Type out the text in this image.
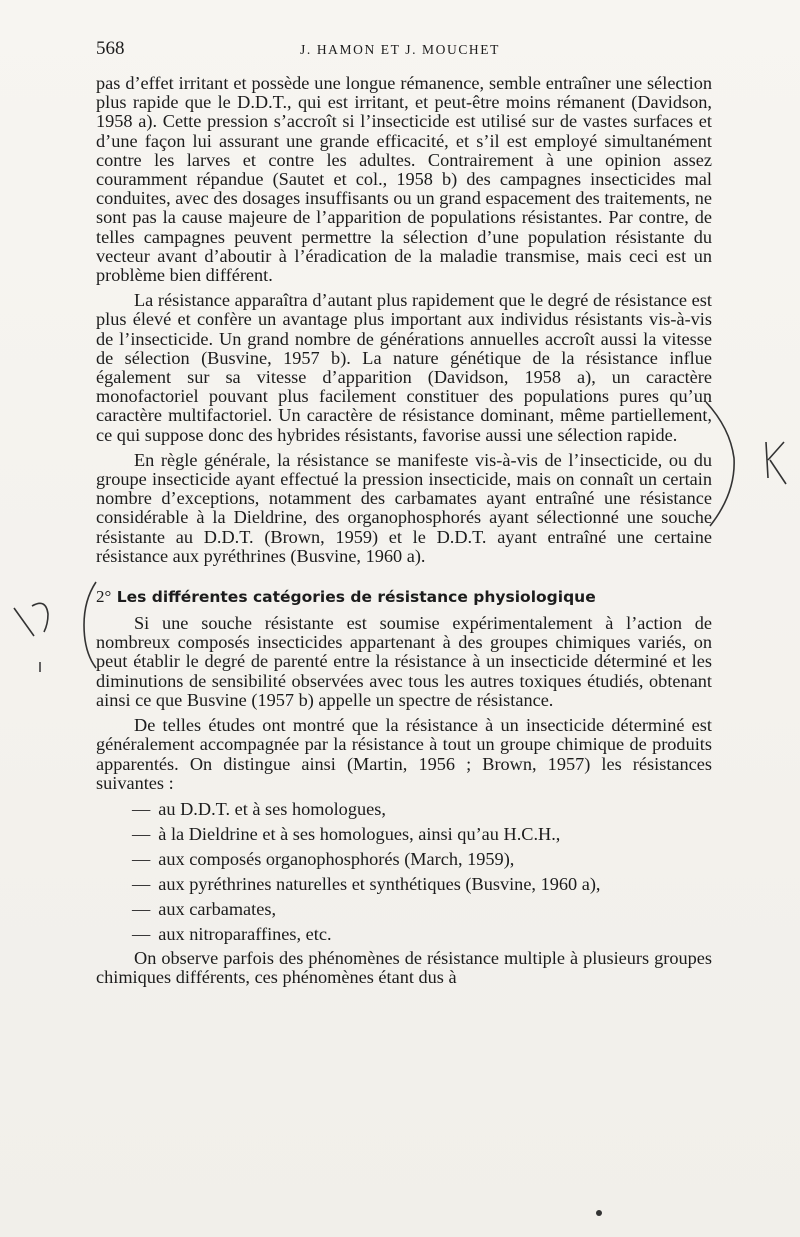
568	J. HAMON ET J. MOUCHET

pas d’effet irritant et possède une longue rémanence, semble entraîner une sélection plus rapide que le D.D.T., qui est irritant, et peut-être moins rémanent (Davidson, 1958 a). Cette pression s’accroît si l’insecticide est utilisé sur de vastes surfaces et d’une façon lui assurant une grande efficacité, et s’il est employé simultanément contre les larves et contre les adultes. Contrairement à une opinion assez couramment répandue (Sautet et col., 1958 b) des campagnes insecticides mal conduites, avec des dosages insuffisants ou un grand espacement des traitements, ne sont pas la cause majeure de l’apparition de populations résistantes. Par contre, de telles campagnes peuvent permettre la sélection d’une population résistante du vecteur avant d’aboutir à l’éradication de la maladie transmise, mais ceci est un problème bien différent.

La résistance apparaîtra d’autant plus rapidement que le degré de résistance est plus élevé et confère un avantage plus important aux individus résistants vis-à-vis de l’insecticide. Un grand nombre de générations annuelles accroît aussi la vitesse de sélection (Busvine, 1957 b). La nature génétique de la résistance influe également sur sa vitesse d’apparition (Davidson, 1958 a), un caractère monofactoriel pouvant plus facilement constituer des populations pures qu’un caractère multifactoriel. Un caractère de résistance dominant, même partiellement, ce qui suppose donc des hybrides résistants, favorise aussi une sélection rapide.

En règle générale, la résistance se manifeste vis-à-vis de l’insecticide, ou du groupe insecticide ayant effectué la pression insecticide, mais on connaît un certain nombre d’exceptions, notamment des carbamates ayant entraîné une résistance considérable à la Dieldrine, des organophosphorés ayant sélectionné une souche résistante au D.D.T. (Brown, 1959) et le D.D.T. ayant entraîné une certaine résistance aux pyréthrines (Busvine, 1960 a).

2° Les différentes catégories de résistance physiologique

Si une souche résistante est soumise expérimentalement à l’action de nombreux composés insecticides appartenant à des groupes chimiques variés, on peut établir le degré de parenté entre la résistance à un insecticide déterminé et les diminutions de sensibilité observées avec tous les autres toxiques étudiés, obtenant ainsi ce que Busvine (1957 b) appelle un spectre de résistance.

De telles études ont montré que la résistance à un insecticide déterminé est généralement accompagnée par la résistance à tout un groupe chimique de produits apparentés. On distingue ainsi (Martin, 1956 ; Brown, 1957) les résistances suivantes :

— au D.D.T. et à ses homologues,
— à la Dieldrine et à ses homologues, ainsi qu’au H.C.H.,
— aux composés organophosphorés (March, 1959),
— aux pyréthrines naturelles et synthétiques (Busvine, 1960 a),
— aux carbamates,
— aux nitroparaffines, etc.

On observe parfois des phénomènes de résistance multiple à plusieurs groupes chimiques différents, ces phénomènes étant dus à
